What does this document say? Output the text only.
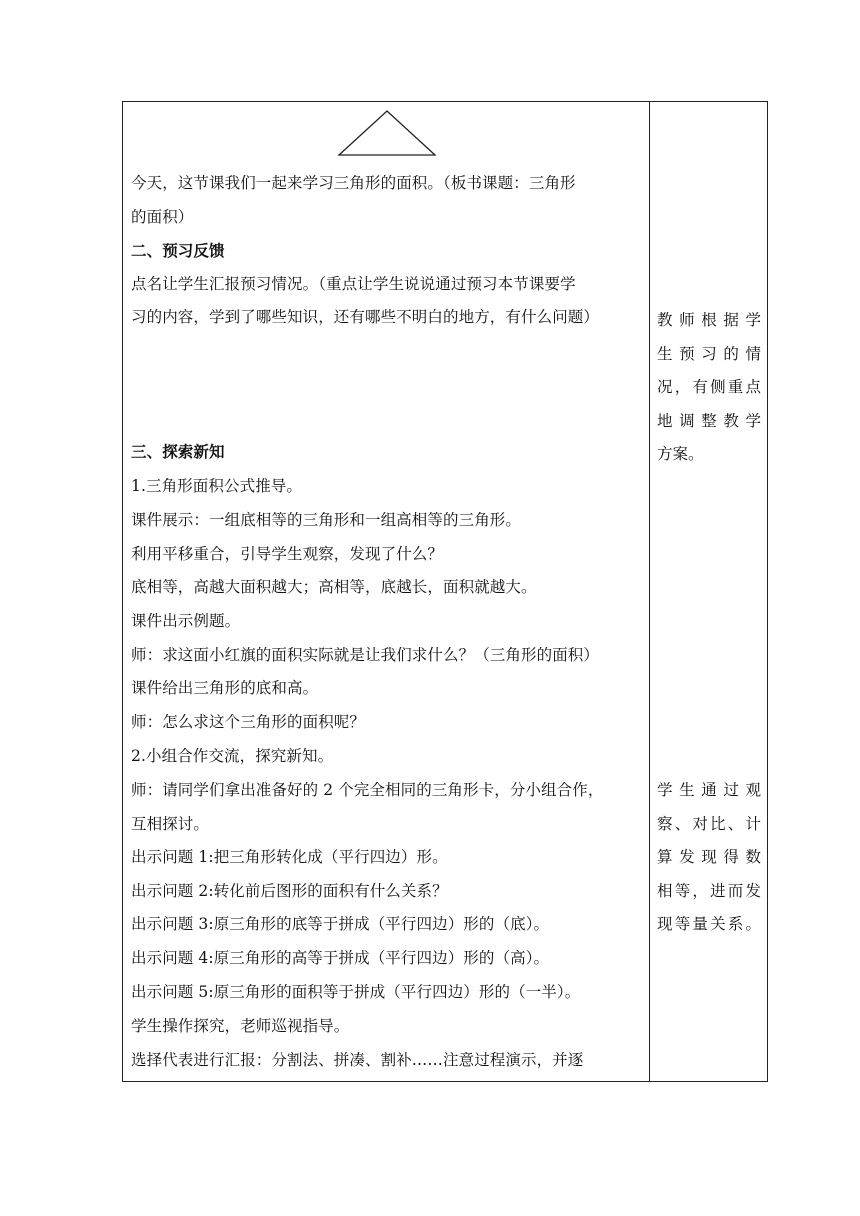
今天，这节课我们一起来学习三角形的面积。（板书课题：三角形
的面积）
二、预习反馈
点名让学生汇报预习情况。（重点让学生说说通过预习本节课要学
习的内容，学到了哪些知识，还有哪些不明白的地方，有什么问题）
三、探索新知
1.三角形面积公式推导。
课件展示：一组底相等的三角形和一组高相等的三角形。
利用平移重合，引导学生观察，发现了什么？
底相等，高越大面积越大；高相等，底越长，面积就越大。
课件出示例题。
师：求这面小红旗的面积实际就是让我们求什么？（三角形的面积）
课件给出三角形的底和高。
师：怎么求这个三角形的面积呢？
2.小组合作交流，探究新知。
师：请同学们拿出准备好的 2 个完全相同的三角形卡，分小组合作，
互相探讨。
出示问题 1:把三角形转化成（平行四边）形。
出示问题 2:转化前后图形的面积有什么关系？
出示问题 3:原三角形的底等于拼成（平行四边）形的（底）。
出示问题 4:原三角形的高等于拼成（平行四边）形的（高）。
出示问题 5:原三角形的面积等于拼成（平行四边）形的（一半）。
学生操作探究，老师巡视指导。
选择代表进行汇报：分割法、拼凑、割补……注意过程演示，并逐
教师根据学
生预习的情
况，有侧重点
地调整教学
方案。
学生通过观
察、对比、计
算发现得数
相等，进而发
现等量关系。
